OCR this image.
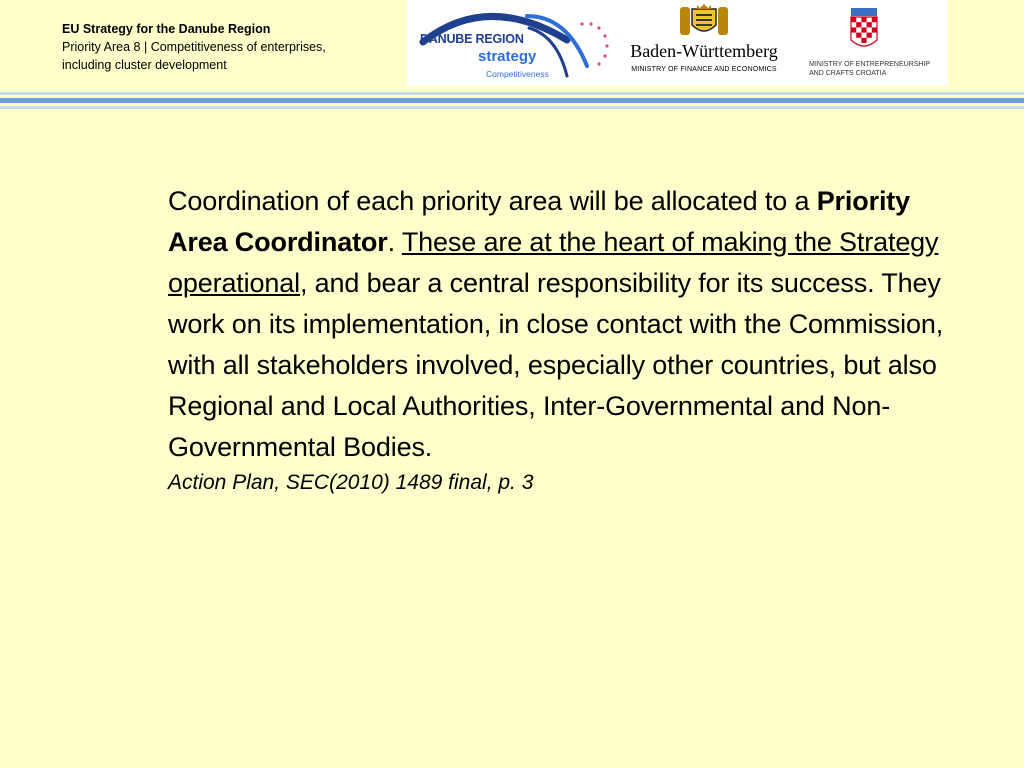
EU Strategy for the Danube Region
Priority Area 8 | Competitiveness of enterprises,
including cluster development
DANUBE REGION
strategy
Competitiveness
Baden-Württemberg
MINISTRY OF FINANCE AND ECONOMICS
MINISTRY OF ENTREPRENEURSHIP
AND CRAFTS CROATIA
Coordination of each priority area will be allocated to a Priority Area Coordinator. These are at the heart of making the Strategy operational, and bear a central responsibility for its success. They work on its implementation, in close contact with the Commission, with all stakeholders involved, especially other countries, but also Regional and Local Authorities, Inter-Governmental and Non-Governmental Bodies.
Action Plan, SEC(2010) 1489 final, p. 3
